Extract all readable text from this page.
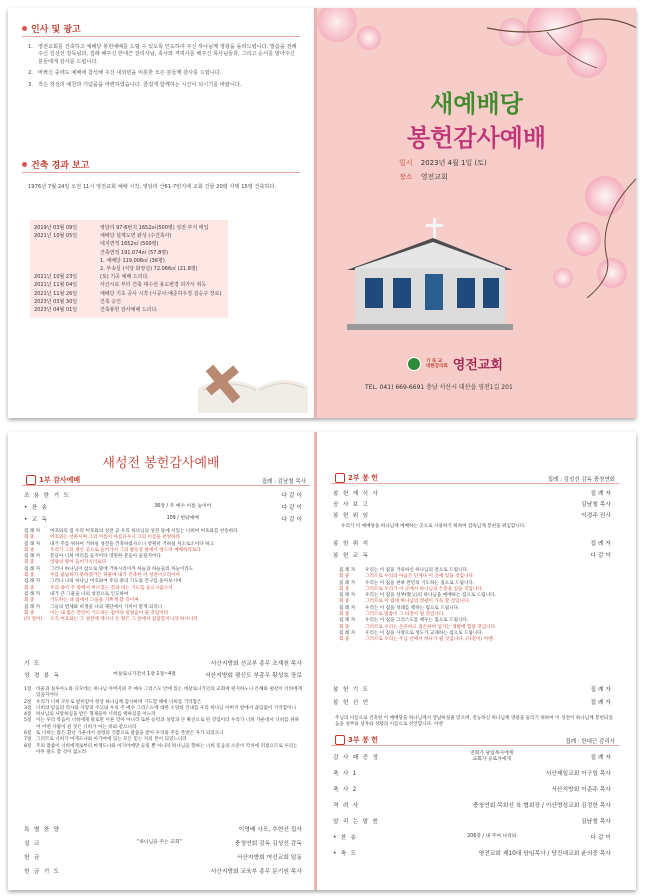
인사 및 광고
1. 영전교회를 건축하고 예배당 봉헌예배를 드릴 수 있도록 인도하여 주신 하나님께 영광을 돌려드립니다. 말씀을 전해주신 김성선 감독님과, 집례 해주신 한대근 감리사님, 축사와 격려사를 해주신 목사님들과, 그리고 순서를 맡아주신 분들에게 감사를 드립니다.
2. 바쁘신 중에도 예배에 참석해 주신 내외빈을 비롯한 모든 분들께 감사를 드립니다.
3. 작은 정성의 예찬과 기념품을 마련하였습니다. 즐겁게 함께하는 시간이 되시기를 바랍니다.
건축 경과 보고
1976년 7월 24일 오전 11시 영전교회 예배 시작, 영담리 산61-7번지에 교회 건물 20평 사택 15평 건축하다.
2019년 03월 09일	영담리 97-6번지 1652㎡(500평) 성전 부지 매입
2021년 10월 05일	예배당 설계도면 완성 (수건축사)
대지면적 1652㎡ (500평)
건축면적 191.074㎡ (57.8평)
1. 예배당 119.008㎡ (36평)
2. 부속실 (식당 화장실) 72.066㎡ (21.8평)
2021년 10월 23일	(토) 기공 예배 드리다.
2021년 11월 04일	서산시로 부터 건축 대수선 용도변경 허가서 취득
2021년 11월 26일	예배당 기초 공사 시작 (시공사:예준하우징 김승구 장로)
2023년 03월 30일	건축 승인
2023년 04월 01일	건축봉헌 감사예배 드리다.
새예배당
봉헌감사예배
일시 2023년 4월 1일 (토)
장소 영전교회
기 독 교
대한감리회 영전교회
TEL. 041) 669-6691 충남 서산시 대산읍 영전1길 201
새성전 봉헌감사예배
1부 감사예배	집례 : 김남철 목사
조 용 한 기 도	다 같 이
• 찬 송	36장 / 주 예수 이름 높이어	다 같 이
• 교 독	109 / 헌당예배	다 같 이
집 례 자	여호와의 집 우리 여호와의 성전 곧 우리 하나님의 성전 뜰에 서있는 너희여 여호와를 찬송하라
회 중	여호와는 선하시며 그의 이름이 아름다우니 그의 이름을 찬양하라
집 례 자	내가 주를 위하여 거하실 성전을 건축하였사오니 영원히 거하실 처소로소이다 하고
회 중	우리가 그의 계신 곳으로 들어가서 그의 발등상 앞에서 엎드려 예배하리로다
집 례 자	문들아 너희 머리를 들지어다 영원한 문들아 들릴지어다
회 중	영광의 왕이 들어가시리로다
집 례 자	그러나 하나님이 참으로 땅에 거하시리이까 하늘과 하늘들의 하늘이라도
회 중	주를 용납하지 못하겠거든 하물며 내가 건축한 이 성전이오리이까
집 례 자	그러나 나의 하나님 여호와여 주의 종의 기도와 간구를 돌아보시며
회 중	주의 종이 주 앞에서 부르짖는 것과 비는 기도를 들으시옵소서
집 례 자	내가 큰 그물을 나의 성전으로 인도하여
회 중	기도하는 내 집에서 그들을 기쁘게 할 것이며
집 례 자	그들의 번제와 희생을 나의 제단에서 기꺼이 받게 되리니
회 중	이는 내 집은 만민이 기도하는 집이라 일컬음이 될 것임이라
(다 같이)	오직 여호와는 그 성전에 계시니 온 땅은 그 앞에서 잠잠할지니라 하시니라
기 도	서산지방회 선교부 총무 조재천 목사
성 경 봉 독	마살로니가전서 1장 1절~4절	서산지방회 평신도 부총무 황성호 장로
1절	바울과 실루아노와 디모데는 하나님 아버지와 주 예수 그리스도 안에 있는 데살로니가인의 교회에 편지하노니 은혜와 평강이 너희에게 있을지어다
2절	우리가 너희 모두로 말미암아 항상 하나님께 감사하며 기도할 때에 너희를 기억함은
3절	너희의 믿음의 역사와 사랑의 수고와 우리 주 예수 그리스도에 대한 소망의 인내를 우리 하나님 아버지 앞에서 끊임없이 기억함이니
4절	하나님의 사랑하심을 받은 형제들아 너희를 택하심을 아노라
5절	이는 우리 복음이 너희에게 말로만 이른 것이 아니라 또한 능력과 성령과 큰 확신으로 된 것임이라 우리가 너희 가운데서 너희를 위하여 어떤 사람이 된 것은 너희가 아는 바와 같으니라
6절	또 너희는 많은 환난 가운데서 성령의 기쁨으로 말씀을 받아 우리와 주를 본받은 자가 되었으니
7절	그러므로 너희가 마게도냐와 아가야에 있는 모든 믿는 자의 본이 되었느니라
8절	주의 말씀이 너희에게로부터 마게도냐와 아가야에만 들릴 뿐 아니라 하나님을 향하는 너희 믿음의 소문이 각처에 퍼졌으므로 우리는 아무 말도 할 것이 없노라
특 별 찬 양	이영배 사모, 추현선 집사
설 교	"하나님을 주는 교회"	충청연회 감독 김성선 감독
헌 금	서산지방회 여선교회 일동
헌 금 기 도	서산지방회 교육부 총무 문기원 목사
2부 봉 헌	집례 : 김성선 감독 충청연회
봉 헌 예 식 사	집 례 자
공 사 보 고	김남철 목사
봉 헌 위 임	이경주 권사
우리가 이 예배당을 하나님께 예배하는 곳으로 사용하기 위하여 감독님께 봉헌을 위임합니다.
봉 헌 취 지	집 례 자
봉 헌 교 독	다 같 이
집 례 자	우리는 이 집을 거룩하신 하나님의 전으로 드립니다.
회 중	그러므로 우리의 마음은 언제나 이 곳에 있을 것입니다.
집 례 자	우리는 이 집을 천하 만민의 기도하는 집으로 드립니다.
회 중	그러므로 우리가 이 곳에서 하나님의 은총을 입을 것입니다.
집 례 자	우리는 이 집을 성부(聖父)의 하나님을 예배하는 집으로 드립니다.
회 중	그러므로 이 집에 하나님의 영광이 가득 찰 것입니다.
집 례 자	우리는 이 집을 성례를 행하는 집으로 드립니다.
회 중	그러므로 말씀이 그 터전이 될 것입니다.
집 례 자	우리는 이 집을 그리스도를 배우는 집으로 드립니다.
회 중	그러므로 우리는 온유하고 겸손하여 섬기는 생활에 힘쓸 것입니다.
집 례 자	우리는 이 집을 사랑으로 성도가 교제하는 집으로 드립니다.
회 중	그러므로 우리는 주님 안에서 하나가 될 것입니다. (다같이) 아멘.
봉 헌 기 도	집 례 자
봉 헌 선 언	집 례 자
주님의 이름으로 건축한 이 예배당을 하나님께서 영납하실줄 믿으며, 전능하신 하나님께 영광을 돌리기 위하여 이 성전이 하나님께 봉헌되었음을 성부와 성자와 성령의 이름으로 선언합니다. 아멘
3부 봉 헌	집례 : 한대근 감리사
감 사 패 증 정
연회가 당임목사에게
교회가 공로자에게	집 례 자
축 사 1	서산제일교회 이구일 목사
축 사 2	서산지방회 이준주 목사
격 려 사	충청연회 목회선 육 협회장 / 이산영성교회 김정한 목사
알 리 는 말 씀	김남철 목사
• 찬 송	206장 / 내 주여 나리와	다 같 이
• 축 도	영전교회 제10대 담임목사 / 당진대교회 윤의중 목사
